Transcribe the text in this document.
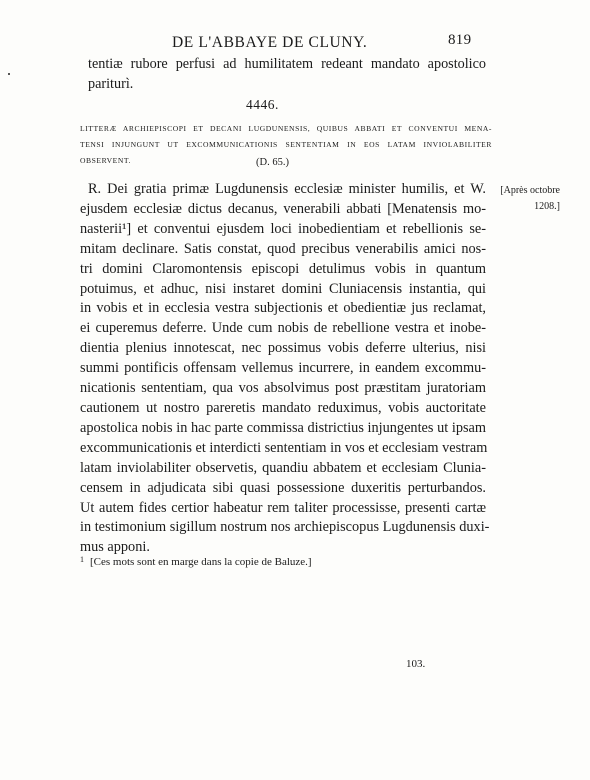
DE L'ABBAYE DE CLUNY.	819
tentiæ rubore perfusi ad humilitatem redeant mandato apostolico
pariturì.
4446.
LITTERÆ ARCHIEPISCOPI ET DECANI LUGDUNENSIS, QUIBUS ABBATI ET CONVENTUI MENA-
TENSI INJUNGUNT UT EXCOMMUNICATIONIS SENTENTIAM IN EOS LATAM INVIOLABILITER
OBSERVENT.	(D. 65.)
[Après octobre
1208.]
R. Dei gratia primæ Lugdunensis ecclesiæ minister humilis, et W.
ejusdem ecclesiæ dictus decanus, venerabili abbati [Menatensis mo-
nasterii¹] et conventui ejusdem loci inobedientiam et rebellionis se-
mitam declinare. Satis constat, quod precibus venerabilis amici nos-
tri domini Claromontensis episcopi detulimus vobis in quantum
potuimus, et adhuc, nisi instaret domini Cluniacensis instantia, qui
in vobis et in ecclesia vestra subjectionis et obedientiæ jus reclamat,
ei cuperemus deferre. Unde cum nobis de rebellione vestra et inobe-
dientia plenius innotescat, nec possimus vobis deferre ulterius, nisi
summi pontificis offensam vellemus incurrere, in eandem excommu-
nicationis sententiam, qua vos absolvimus post præstitam juratoriam
cautionem ut nostro pareretis mandato reduximus, vobis auctoritate
apostolica nobis in hac parte commissa districtius injungentes ut ipsam
excommunicationis et interdicti sententiam in vos et ecclesiam vestram
latam inviolabiliter observetis, quandiu abbatem et ecclesiam Clunia-
censem in adjudicata sibi quasi possessione duxeritis perturbandos.
Ut autem fides certior habeatur rem taliter processisse, presenti cartæ
in testimonium sigillum nostrum nos archiepiscopus Lugdunensis duxi-
mus apponi.
$^1$ [Ces mots sont en marge dans la copie de Baluze.]
103.
